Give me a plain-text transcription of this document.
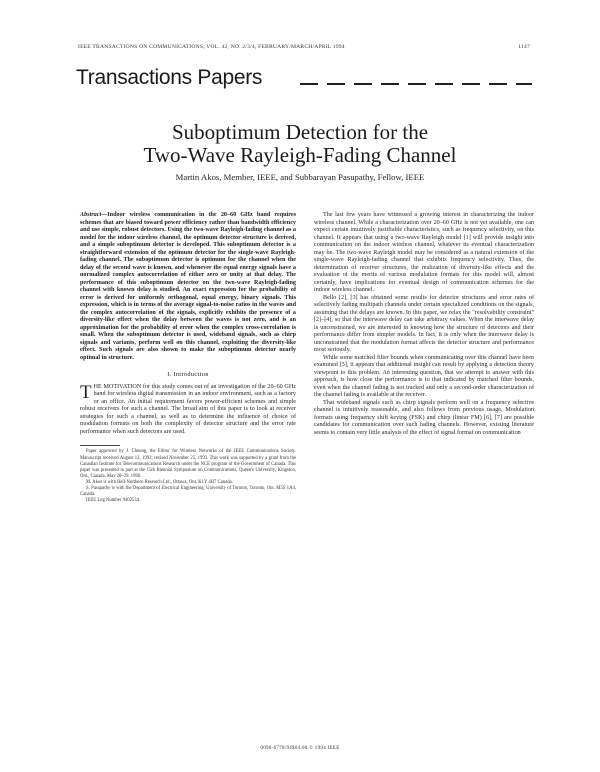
IEEE TRANSACTIONS ON COMMUNICATIONS, VOL. 42, NO. 2/3/4, FEBRUARY/MARCH/APRIL 1994	1147
Transactions Papers
Suboptimum Detection for the
Two-Wave Rayleigh-Fading Channel
Martin Akos, Member, IEEE, and Subbarayan Pasupathy, Fellow, IEEE

Abstract—Indoor wireless communication in the 20–60 GHz band requires schemes that are biased toward power efficiency rather than bandwidth efficiency and use simple, robust detectors. Using the two-wave Rayleigh-fading channel as a model for the indoor wireless channel, the optimum detector structure is derived, and a simple suboptimum detector is developed. This suboptimum detector is a straightforward extension of the optimum detector for the single-wave Rayleigh-fading channel. The suboptimum detector is optimum for the channel when the delay of the second wave is known, and whenever the equal energy signals have a normalized complex autocorrelation of either zero or unity at that delay. The performance of this suboptimum detector on the two-wave Rayleigh-fading channel with known delay is studied. An exact expression for the probability of error is derived for uniformly orthogonal, equal energy, binary signals. This expression, which is in terms of the average signal-to-noise ratios in the waves and the complex autocorrelation of the signals, explicitly exhibits the presence of a diversity-like effect when the delay between the waves is not zero, and is an approximation for the probability of error when the complex cross-correlation is small. When the suboptimum detector is used, wideband signals, such as chirp signals and variants, perform well on this channel, exploiting the diversity-like effect. Such signals are also shown to make the suboptimum detector nearly optimal in structure.

I. Introduction

THE MOTIVATION for this study comes out of an investigation of the 20–60 GHz band for wireless digital transmission in an indoor environment, such as a factory or an office. An initial requirement favors power-efficient schemes and simple robust receivers for such a channel. The broad aim of this paper is to look at receiver strategies for such a channel, as well as to determine the influence of choice of modulation formats on both the complexity of detector structure and the error rate performance when such detectors are used.

Paper approved by J. Cheung, the Editor for Wireless Networks of the IEEE Communications Society. Manuscript received August 12, 1992; revised November 25, 1993. This work was supported by a grant from the Canadian Institute for Telecommunications Research under the NCE program of the Government of Canada. This paper was presented in part at the 15th Biennial Symposium on Communications, Queen's University, Kingston, Ont., Canada, May 28–29, 1990.

M. Akos is with Bell-Northern Research Ltd., Ottawa, Ont. K1Y 4H7 Canada.

S. Pasupathy is with the Department of Electrical Engineering, University of Toronto, Toronto, Ont. M5S 1A4, Canada.

IEEE Log Number 9402534.

The last few years have witnessed a growing interest in characterizing the indoor wireless channel. While a characterization over 20–60 GHz is not yet available, one can expect certain intuitively justifiable characteristics, such as frequency selectivity, on this channel. It appears that using a two-wave Rayleigh model [1] will provide insight into communication on the indoor wireless channel, whatever its eventual characterization may be. The two-wave Rayleigh model may be considered as a natural extension of the single-wave Rayleigh-fading channel that exhibits frequency selectivity. Thus, the determination of receiver structures, the realization of diversity-like effects and the evaluation of the merits of various modulation formats for this model will, almost certainly, have implications for eventual design of communication schemes for the indoor wireless channel.

Bello [2], [3] has obtained some results for detector structures and error rates of selectively fading multipath channels under certain specialized conditions on the signals, assuming that the delays are known. In this paper, we relax the "resolvability constraint" [2]–[4], so that the interwave delay can take arbitrary values. When the interwave delay is unconstrained, we are interested in knowing how the structure of detectors and their performance differ from simpler models. In fact, it is only when the interwave delay is unconstrained that the modulation format affects the detector structure and performance most seriously.

While some matched filter bounds when communicating over this channel have been examined [5], it appears that additional insight can result by applying a detection theory viewpoint to this problem. An interesting question, that we attempt to answer with this approach, is how close the performance is to that indicated by matched filter bounds, even when the channel fading is not tracked and only a second-order characterization of the channel fading is available at the receiver.

That wideband signals such as chirp signals perform well on a frequency selective channel is intuitively reasonable, and also follows from previous usage. Modulation formats using frequency shift keying (FSK) and chirp (linear FM) [6], [7] are possible candidates for communication over such fading channels. However, existing literature seems to contain very little analysis of the effect of signal format on communication

0090-6778/94$04.00 © 1994 IEEE
